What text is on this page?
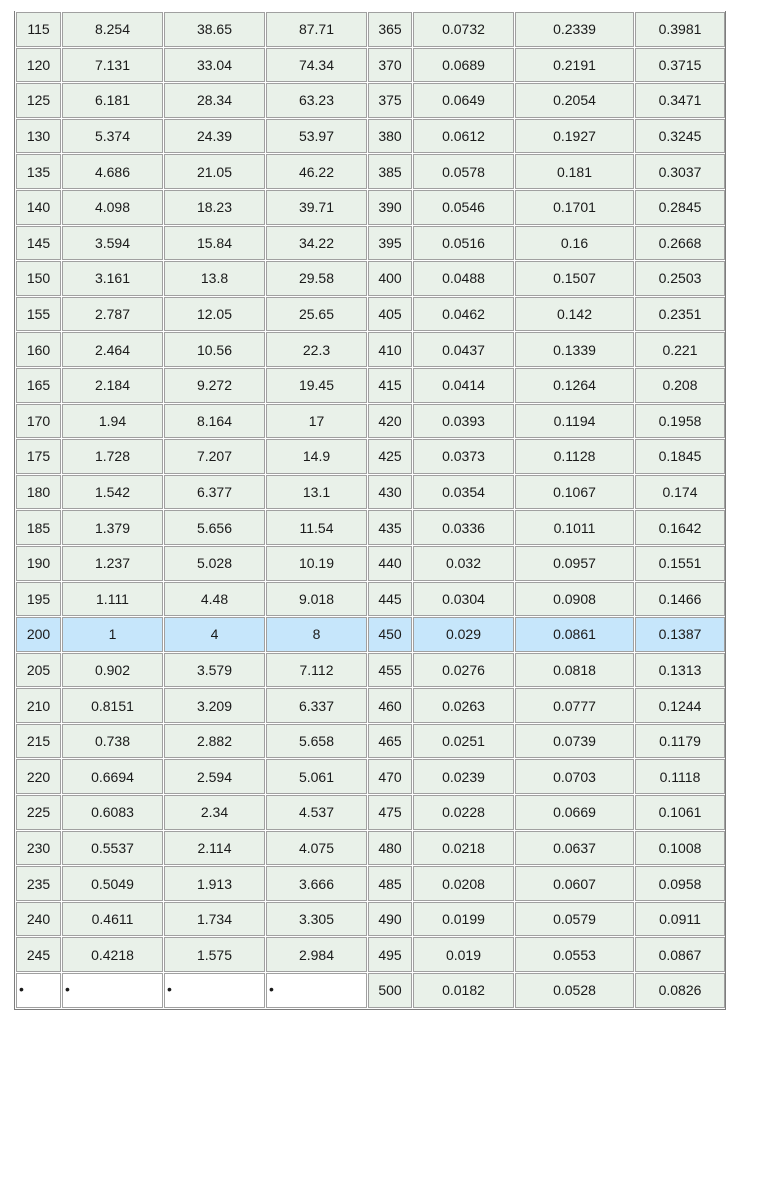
115	8.254	38.65	87.71	365	0.0732	0.2339	0.3981
120	7.131	33.04	74.34	370	0.0689	0.2191	0.3715
125	6.181	28.34	63.23	375	0.0649	0.2054	0.3471
130	5.374	24.39	53.97	380	0.0612	0.1927	0.3245
135	4.686	21.05	46.22	385	0.0578	0.181	0.3037
140	4.098	18.23	39.71	390	0.0546	0.1701	0.2845
145	3.594	15.84	34.22	395	0.0516	0.16	0.2668
150	3.161	13.8	29.58	400	0.0488	0.1507	0.2503
155	2.787	12.05	25.65	405	0.0462	0.142	0.2351
160	2.464	10.56	22.3	410	0.0437	0.1339	0.221
165	2.184	9.272	19.45	415	0.0414	0.1264	0.208
170	1.94	8.164	17	420	0.0393	0.1194	0.1958
175	1.728	7.207	14.9	425	0.0373	0.1128	0.1845
180	1.542	6.377	13.1	430	0.0354	0.1067	0.174
185	1.379	5.656	11.54	435	0.0336	0.1011	0.1642
190	1.237	5.028	10.19	440	0.032	0.0957	0.1551
195	1.111	4.48	9.018	445	0.0304	0.0908	0.1466
200	1	4	8	450	0.029	0.0861	0.1387
205	0.902	3.579	7.112	455	0.0276	0.0818	0.1313
210	0.8151	3.209	6.337	460	0.0263	0.0777	0.1244
215	0.738	2.882	5.658	465	0.0251	0.0739	0.1179
220	0.6694	2.594	5.061	470	0.0239	0.0703	0.1118
225	0.6083	2.34	4.537	475	0.0228	0.0669	0.1061
230	0.5537	2.114	4.075	480	0.0218	0.0637	0.1008
235	0.5049	1.913	3.666	485	0.0208	0.0607	0.0958
240	0.4611	1.734	3.305	490	0.0199	0.0579	0.0911
245	0.4218	1.575	2.984	495	0.019	0.0553	0.0867
•	•	•	•	500	0.0182	0.0528	0.0826
